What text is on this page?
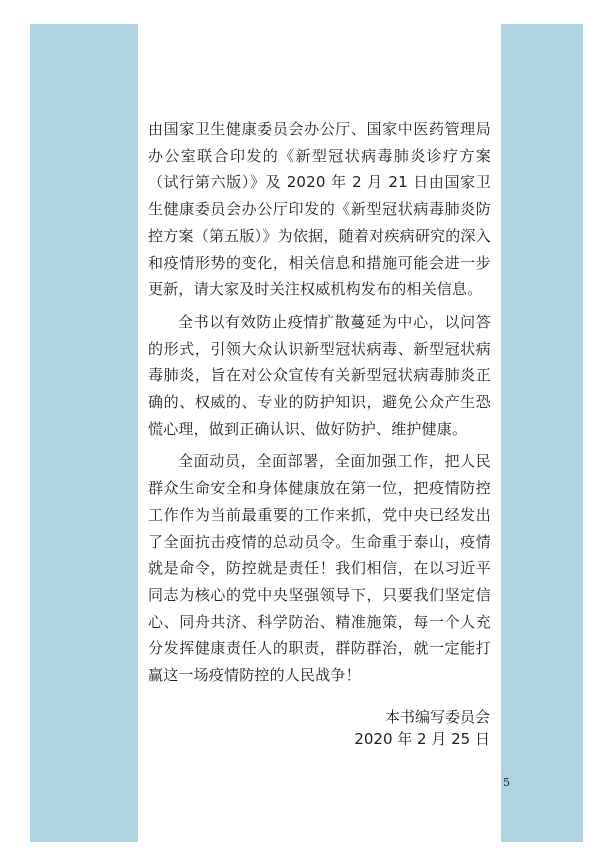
由国家卫生健康委员会办公厅、国家中医药管理局办公室联合印发的《新型冠状病毒肺炎诊疗方案（试行第六版）》及 2020 年 2 月 21 日由国家卫生健康委员会办公厅印发的《新型冠状病毒肺炎防控方案（第五版）》为依据，随着对疾病研究的深入和疫情形势的变化，相关信息和措施可能会进一步更新，请大家及时关注权威机构发布的相关信息。

全书以有效防止疫情扩散蔓延为中心，以问答的形式，引领大众认识新型冠状病毒、新型冠状病毒肺炎，旨在对公众宣传有关新型冠状病毒肺炎正确的、权威的、专业的防护知识，避免公众产生恐慌心理，做到正确认识、做好防护、维护健康。

全面动员，全面部署，全面加强工作，把人民群众生命安全和身体健康放在第一位，把疫情防控工作作为当前最重要的工作来抓，党中央已经发出了全面抗击疫情的总动员令。生命重于泰山，疫情就是命令，防控就是责任！我们相信，在以习近平同志为核心的党中央坚强领导下，只要我们坚定信心、同舟共济、科学防治、精准施策，每一个人充分发挥健康责任人的职责，群防群治，就一定能打赢这一场疫情防控的人民战争！

本书编写委员会
2020 年 2 月 25 日
5
